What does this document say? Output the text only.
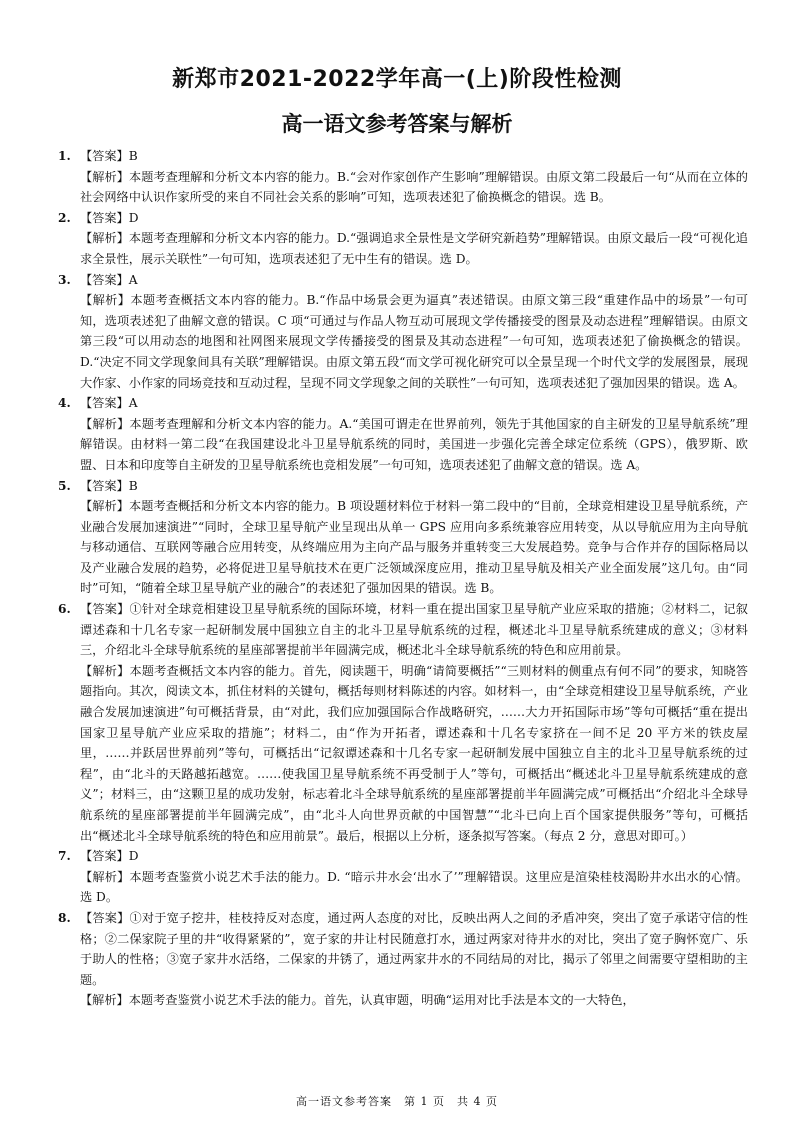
新郑市2021-2022学年高一(上)阶段性检测
高一语文参考答案与解析
1. 【答案】B

【解析】本题考查理解和分析文本内容的能力。B.“会对作家创作产生影响”理解错误。由原文第二段最后一句“从而在立体的社会网络中认识作家所受的来自不同社会关系的影响”可知，选项表述犯了偷换概念的错误。选 B。

2. 【答案】D

【解析】本题考查理解和分析文本内容的能力。D.“强调追求全景性是文学研究新趋势”理解错误。由原文最后一段“可视化追求全景性，展示关联性”一句可知，选项表述犯了无中生有的错误。选 D。

3. 【答案】A

【解析】本题考查概括文本内容的能力。B.“作品中场景会更为逼真”表述错误。由原文第三段“重建作品中的场景”一句可知，选项表述犯了曲解文意的错误。C 项“可通过与作品人物互动可展现文学传播接受的图景及动态进程”理解错误。由原文第三段“可以用动态的地图和社网图来展现文学传播接受的图景及其动态进程”一句可知，选项表述犯了偷换概念的错误。D.“决定不同文学现象间具有关联”理解错误。由原文第五段“而文学可视化研究可以全景呈现一个时代文学的发展图景，展现大作家、小作家的同场竞技和互动过程，呈现不同文学现象之间的关联性”一句可知，选项表述犯了强加因果的错误。选 A。

4. 【答案】A

【解析】本题考查理解和分析文本内容的能力。A.“美国可谓走在世界前列，领先于其他国家的自主研发的卫星导航系统”理解错误。由材料一第二段“在我国建设北斗卫星导航系统的同时，美国进一步强化完善全球定位系统（GPS），俄罗斯、欧盟、日本和印度等自主研发的卫星导航系统也竞相发展”一句可知，选项表述犯了曲解文意的错误。选 A。

5. 【答案】B

【解析】本题考查概括和分析文本内容的能力。B 项设题材料位于材料一第二段中的“目前，全球竞相建设卫星导航系统，产业融合发展加速演进”“同时，全球卫星导航产业呈现出从单一 GPS 应用向多系统兼容应用转变，从以导航应用为主向导航与移动通信、互联网等融合应用转变，从终端应用为主向产品与服务并重转变三大发展趋势。竞争与合作并存的国际格局以及产业融合发展的趋势，必将促进卫星导航技术在更广泛领域深度应用，推动卫星导航及相关产业全面发展”这几句。由“同时”可知，“随着全球卫星导航产业的融合”的表述犯了强加因果的错误。选 B。

6. 【答案】①针对全球竞相建设卫星导航系统的国际环境，材料一重在提出国家卫星导航产业应采取的措施；②材料二，记叙谭述森和十几名专家一起研制发展中国独立自主的北斗卫星导航系统的过程，概述北斗卫星导航系统建成的意义；③材料三，介绍北斗全球导航系统的星座部署提前半年圆满完成，概述北斗全球导航系统的特色和应用前景。

【解析】本题考查概括文本内容的能力。首先，阅读题干，明确“请简要概括”“三则材料的侧重点有何不同”的要求，知晓答题指向。其次，阅读文本，抓住材料的关键句，概括每则材料陈述的内容。如材料一，由“全球竞相建设卫星导航系统，产业融合发展加速演进”句可概括背景，由“对此，我们应加强国际合作战略研究，……大力开拓国际市场”等句可概括“重在提出国家卫星导航产业应采取的措施”；材料二，由“作为开拓者，谭述森和十几名专家挤在一间不足 20 平方米的铁皮屋里，……并跃居世界前列”等句，可概括出“记叙谭述森和十几名专家一起研制发展中国独立自主的北斗卫星导航系统的过程”，由“北斗的天路越拓越宽。……使我国卫星导航系统不再受制于人”等句，可概括出“概述北斗卫星导航系统建成的意义”；材料三，由“这颗卫星的成功发射，标志着北斗全球导航系统的星座部署提前半年圆满完成”可概括出“介绍北斗全球导航系统的星座部署提前半年圆满完成”，由“北斗人向世界贡献的中国智慧”“北斗已向上百个国家提供服务”等句，可概括出“概述北斗全球导航系统的特色和应用前景”。最后，根据以上分析，逐条拟写答案。（每点 2 分，意思对即可。）

7. 【答案】D

【解析】本题考查鉴赏小说艺术手法的能力。D. “暗示井水会‘出水了’”理解错误。这里应是渲染桂枝渴盼井水出水的心情。选 D。

8. 【答案】①对于宽子挖井，桂枝持反对态度，通过两人态度的对比，反映出两人之间的矛盾冲突，突出了宽子承诺守信的性格；②二保家院子里的井“收得紧紧的”，宽子家的井让村民随意打水，通过两家对待井水的对比，突出了宽子胸怀宽广、乐于助人的性格；③宽子家井水活络，二保家的井锈了，通过两家井水的不同结局的对比，揭示了邻里之间需要守望相助的主题。

【解析】本题考查鉴赏小说艺术手法的能力。首先，认真审题，明确“运用对比手法是本文的一大特色，

高一语文参考答案　第 1 页　共 4 页
